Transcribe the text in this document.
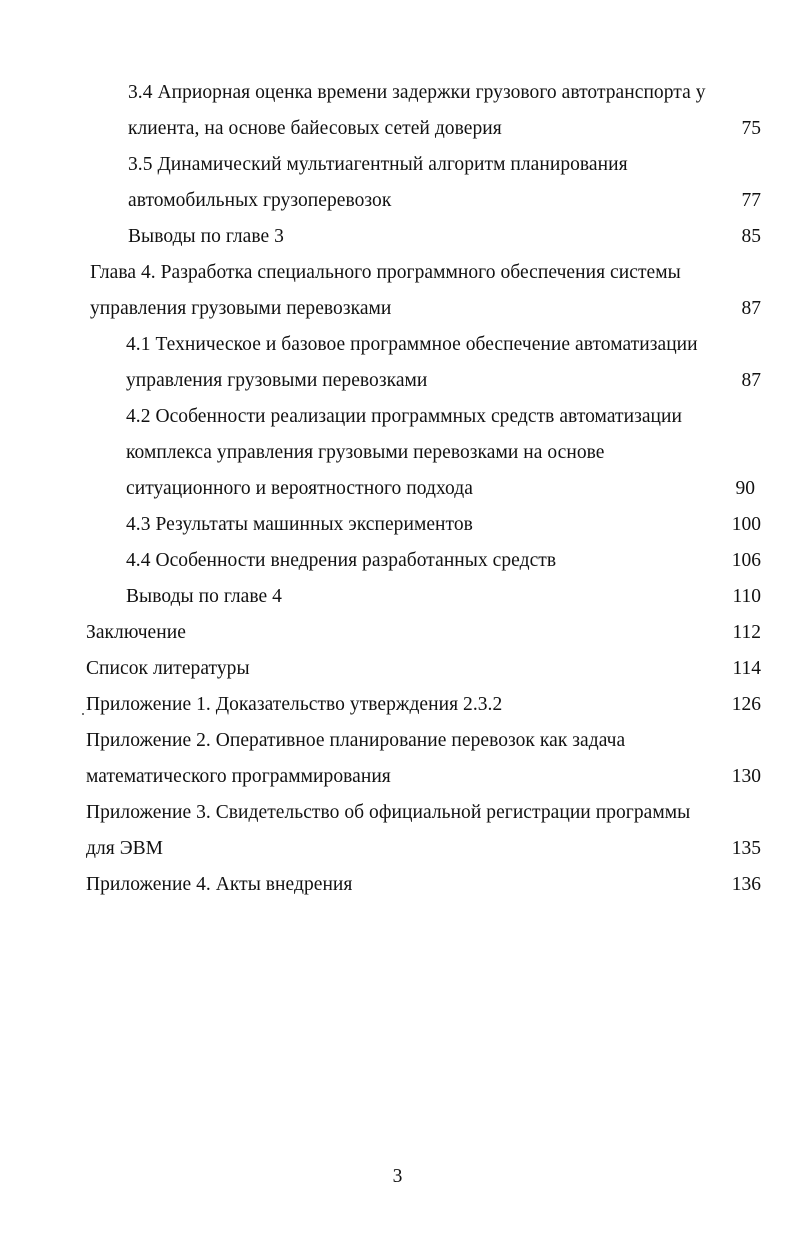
3.4 Априорная оценка времени задержки грузового автотранспорта у
клиента, на основе байесовых сетей доверия	75
3.5 Динамический мультиагентный алгоритм планирования
автомобильных грузоперевозок	77
Выводы по главе 3	85
Глава 4. Разработка специального программного обеспечения системы
управления грузовыми перевозками	87
4.1 Техническое и базовое программное обеспечение автоматизации
управления грузовыми перевозками	87
4.2 Особенности реализации программных средств автоматизации
комплекса управления грузовыми перевозками на основе
ситуационного и вероятностного подхода	90
4.3 Результаты машинных экспериментов	100
4.4 Особенности внедрения разработанных средств	106
Выводы по главе 4	110
Заключение	112
Список литературы	114
Приложение 1. Доказательство утверждения 2.3.2	126
Приложение 2. Оперативное планирование перевозок как задача
математического программирования	130
Приложение 3. Свидетельство об официальной регистрации программы
для ЭВМ	135
Приложение 4. Акты внедрения	136
3
